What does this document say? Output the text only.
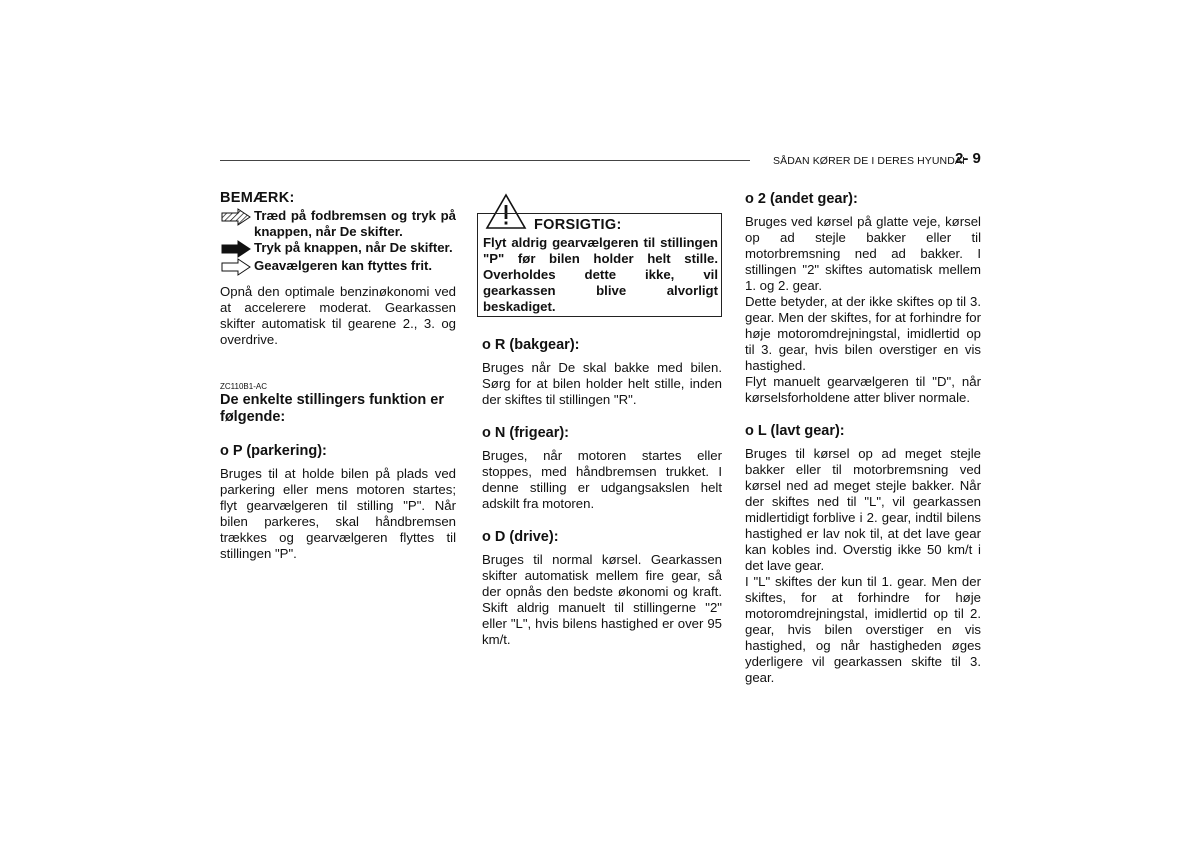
SÅDAN KØRER DE I DERES HYUNDAI
2- 9
BEMÆRK:
Træd på fodbremsen og tryk på knappen, når De skifter.
Tryk på knappen, når De skifter.
Geavælgeren kan ftyttes frit.

Opnå den optimale benzinøkonomi ved at accelerere moderat. Gearkassen skifter automatisk til gearene 2., 3. og overdrive.

ZC110B1-AC
De enkelte stillingers funktion er følgende:
o P (parkering):

Bruges til at holde bilen på plads ved parkering eller mens motoren startes; flyt gearvælgeren til stilling "P". Når bilen parkeres, skal håndbremsen trækkes og gearvælgeren flyttes til stillingen "P".

FORSIGTIG:
Flyt aldrig gearvælgeren til stillingen "P" før bilen holder helt stille. Overholdes dette ikke, vil gearkassen blive alvorligt beskadiget.
o R (bakgear):

Bruges når De skal bakke med bilen. Sørg for at bilen holder helt stille, inden der skiftes til stillingen "R".

o N (frigear):

Bruges, når motoren startes eller stoppes, med håndbremsen trukket. I denne stilling er udgangsakslen helt adskilt fra motoren.

o D (drive):

Bruges til normal kørsel. Gearkassen skifter automatisk mellem fire gear, så der opnås den bedste økonomi og kraft. Skift aldrig manuelt til stillingerne "2" eller "L", hvis bilens hastighed er over 95 km/t.

o 2 (andet gear):

Bruges ved kørsel på glatte veje, kørsel op ad stejle bakker eller til motorbremsning ned ad bakker. I stillingen "2" skiftes automatisk mellem 1. og 2. gear.

Dette betyder, at der ikke skiftes op til 3. gear. Men der skiftes, for at forhindre for høje motoromdrejningstal, imidlertid op til 3. gear, hvis bilen overstiger en vis hastighed.

Flyt manuelt gearvælgeren til "D", når kørselsforholdene atter bliver normale.

o L (lavt gear):

Bruges til kørsel op ad meget stejle bakker eller til motorbremsning ved kørsel ned ad meget stejle bakker. Når der skiftes ned til "L", vil gearkassen midlertidigt forblive i 2. gear, indtil bilens hastighed er lav nok til, at det lave gear kan kobles ind. Overstig ikke 50 km/t i det lave gear.

I "L" skiftes der kun til 1. gear. Men der skiftes, for at forhindre for høje motoromdrejningstal, imidlertid op til 2. gear, hvis bilen overstiger en vis hastighed, og når hastigheden øges yderligere vil gearkassen skifte til 3. gear.
